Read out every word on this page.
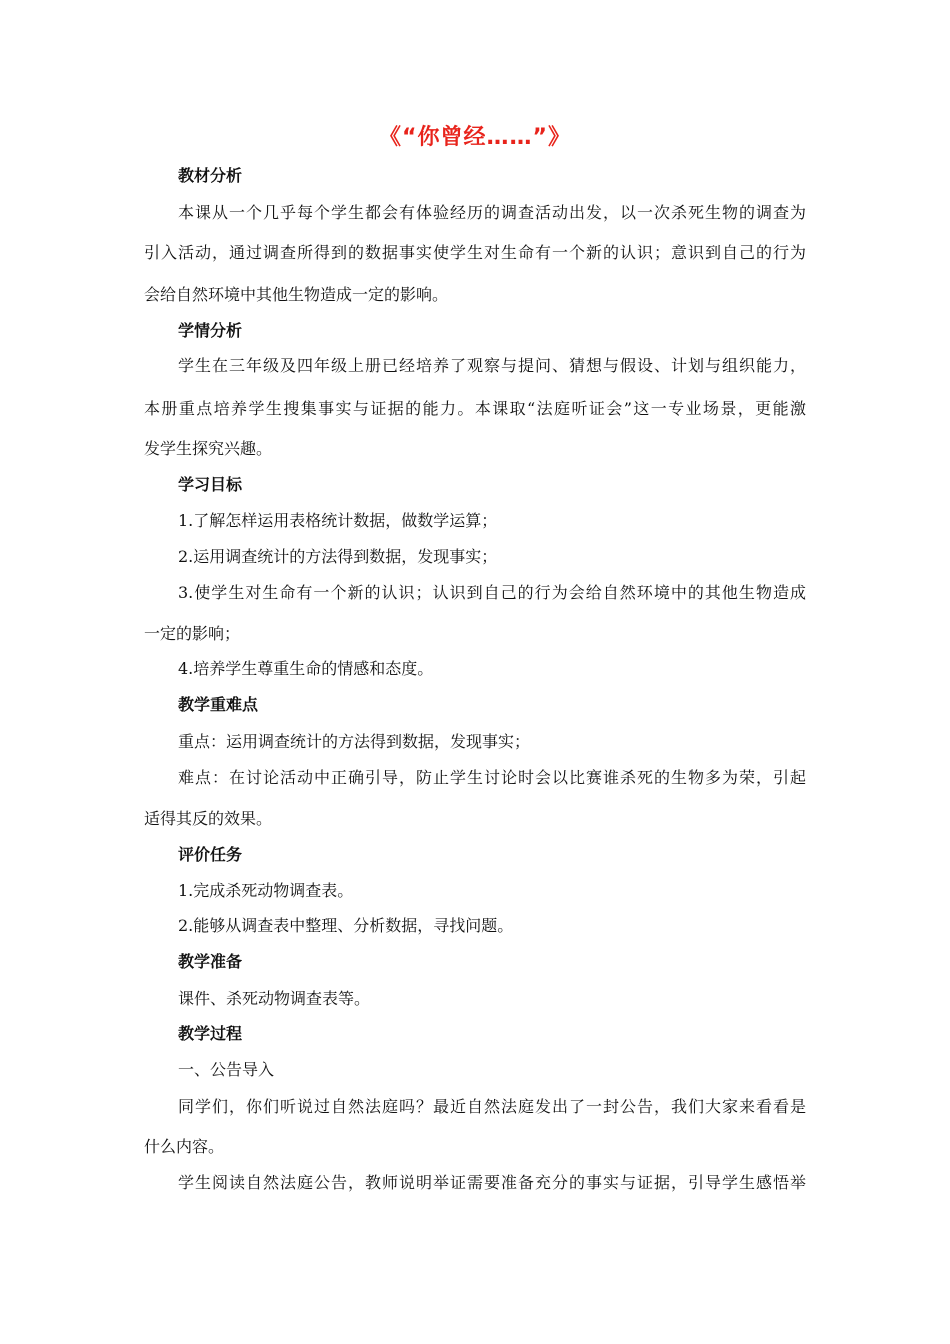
《“你曾经……”》
教材分析
本课从一个几乎每个学生都会有体验经历的调查活动出发，以一次杀死生物的调查为
引入活动，通过调查所得到的数据事实使学生对生命有一个新的认识；意识到自己的行为
会给自然环境中其他生物造成一定的影响。
学情分析
学生在三年级及四年级上册已经培养了观察与提问、猜想与假设、计划与组织能力，
本册重点培养学生搜集事实与证据的能力。本课取“法庭听证会”这一专业场景，更能激
发学生探究兴趣。
学习目标
1.了解怎样运用表格统计数据，做数学运算；
2.运用调查统计的方法得到数据，发现事实；
3.使学生对生命有一个新的认识；认识到自己的行为会给自然环境中的其他生物造成
一定的影响；
4.培养学生尊重生命的情感和态度。
教学重难点
重点：运用调查统计的方法得到数据，发现事实；
难点：在讨论活动中正确引导，防止学生讨论时会以比赛谁杀死的生物多为荣，引起
适得其反的效果。
评价任务
1.完成杀死动物调查表。
2.能够从调查表中整理、分析数据，寻找问题。
教学准备
课件、杀死动物调查表等。
教学过程
一、公告导入
同学们，你们听说过自然法庭吗？最近自然法庭发出了一封公告，我们大家来看看是
什么内容。
学生阅读自然法庭公告，教师说明举证需要准备充分的事实与证据，引导学生感悟举
